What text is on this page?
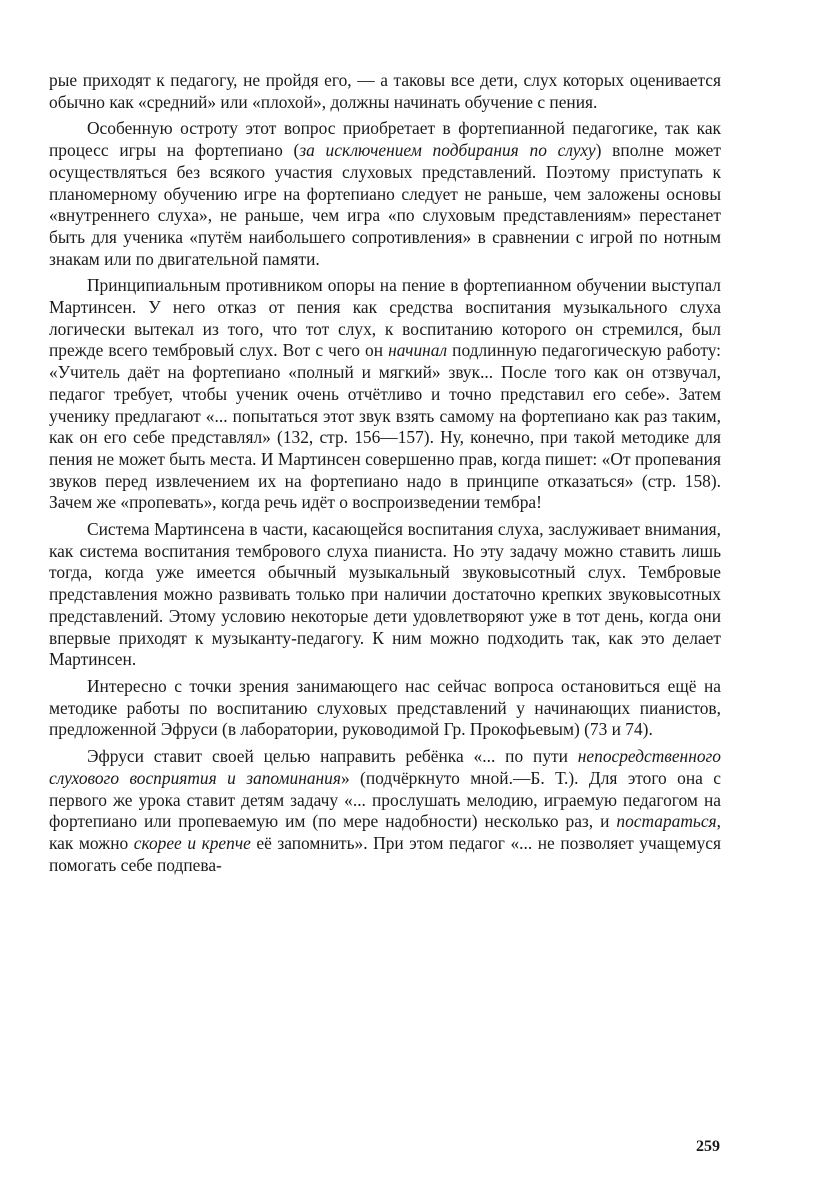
рые приходят к педагогу, не пройдя его, — а таковы все дети, слух которых оценивается обычно как «средний» или «плохой», должны начинать обучение с пения.

Особенную остроту этот вопрос приобретает в фортепианной педагогике, так как процесс игры на фортепиано (за исключением подбирания по слуху) вполне может осуществляться без всякого участия слуховых представлений. Поэтому приступать к планомерному обучению игре на фортепиано следует не раньше, чем заложены основы «внутреннего слуха», не раньше, чем игра «по слуховым представлениям» перестанет быть для ученика «путём наибольшего сопротивления» в сравнении с игрой по нотным знакам или по двигательной памяти.

Принципиальным противником опоры на пение в фортепианном обучении выступал Мартинсен. У него отказ от пения как средства воспитания музыкального слуха логически вытекал из того, что тот слух, к воспитанию которого он стремился, был прежде всего тембровый слух. Вот с чего он начинал подлинную педагогическую работу: «Учитель даёт на фортепиано «полный и мягкий» звук... После того как он отзвучал, педагог требует, чтобы ученик очень отчётливо и точно представил его себе». Затем ученику предлагают «... попытаться этот звук взять самому на фортепиано как раз таким, как он его себе представлял» (132, стр. 156—157). Ну, конечно, при такой методике для пения не может быть места. И Мартинсен совершенно прав, когда пишет: «От пропевания звуков перед извлечением их на фортепиано надо в принципе отказаться» (стр. 158). Зачем же «пропевать», когда речь идёт о воспроизведении тембра!

Система Мартинсена в части, касающейся воспитания слуха, заслуживает внимания, как система воспитания тембрового слуха пианиста. Но эту задачу можно ставить лишь тогда, когда уже имеется обычный музыкальный звуковысотный слух. Тембровые представления можно развивать только при наличии достаточно крепких звуковысотных представлений. Этому условию некоторые дети удовлетворяют уже в тот день, когда они впервые приходят к музыканту-педагогу. К ним можно подходить так, как это делает Мартинсен.

Интересно с точки зрения занимающего нас сейчас вопроса остановиться ещё на методике работы по воспитанию слуховых представлений у начинающих пианистов, предложенной Эфруси (в лаборатории, руководимой Гр. Прокофьевым) (73 и 74).

Эфруси ставит своей целью направить ребёнка «... по пути непосредственного слухового восприятия и запоминания» (подчёркнуто мной.—Б. Т.). Для этого она с первого же урока ставит детям задачу «... прослушать мелодию, играемую педагогом на фортепиано или пропеваемую им (по мере надобности) несколько раз, и постараться, как можно скорее и крепче её запомнить». При этом педагог «... не позволяет учащемуся помогать себе подпева-

259
